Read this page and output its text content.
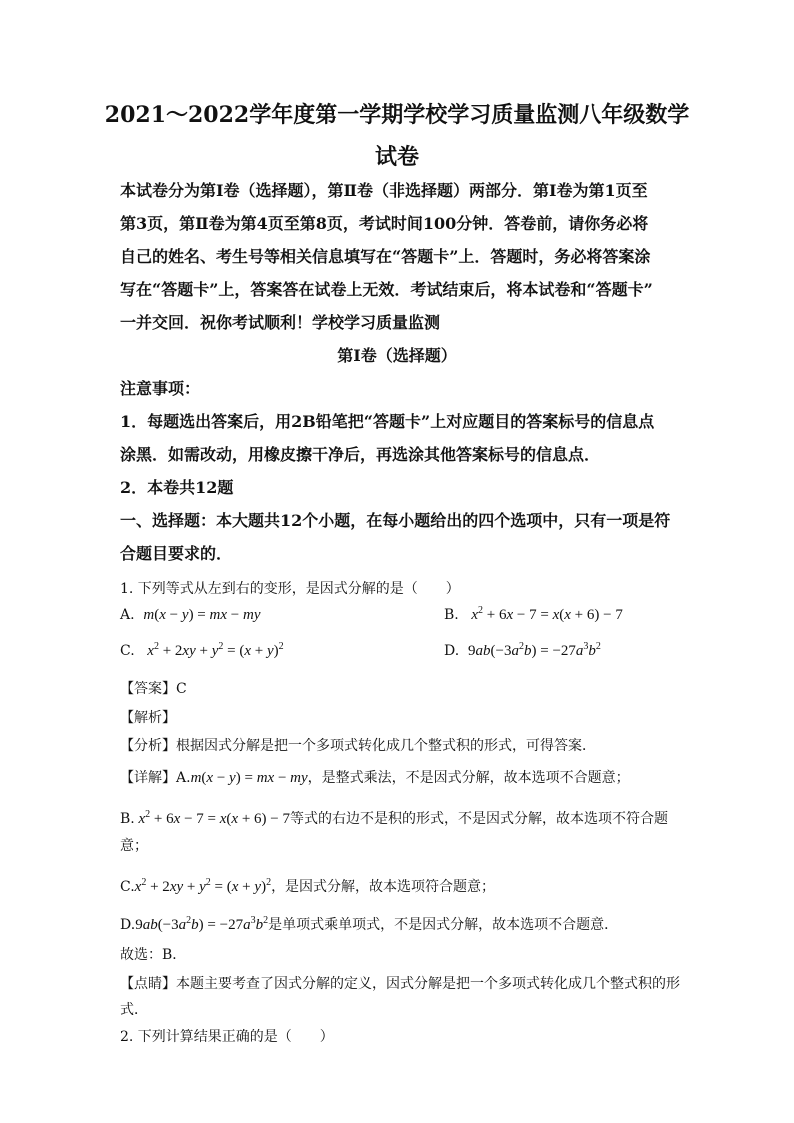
2021～2022学年度第一学期学校学习质量监测八年级数学
试卷
本试卷分为第Ⅰ卷（选择题），第Ⅱ卷（非选择题）两部分．第Ⅰ卷为第1页至
第3页，第Ⅱ卷为第4页至第8页，考试时间100分钟．答卷前，请你务必将
自己的姓名、考生号等相关信息填写在“答题卡”上．答题时，务必将答案涂
写在“答题卡”上，答案答在试卷上无效．考试结束后，将本试卷和“答题卡”
一并交回．祝你考试顺利！学校学习质量监测
第Ⅰ卷（选择题）
注意事项：
1．每题选出答案后，用2B铅笔把“答题卡”上对应题目的答案标号的信息点
涂黑．如需改动，用橡皮擦干净后，再选涂其他答案标号的信息点．
2．本卷共12题
一、选择题：本大题共12个小题，在每小题给出的四个选项中，只有一项是符
合题目要求的．
1. 下列等式从左到右的变形，是因式分解的是（　　）
A.  m(x − y) = mx − my	B.   $x^2 + 6x - 7 = x(x + 6) - 7$
C.   $x^2 + 2xy + y^2 = (x + y)^2$	D. $9ab(-3a^2b) = -27a^3b^2$
【答案】C
【解析】
【分析】根据因式分解是把一个多项式转化成几个整式积的形式，可得答案．
【详解】A.m(x − y) = mx − my，是整式乘法，不是因式分解，故本选项不合题意；
B. $x^2 + 6x - 7 = x(x + 6) - 7$等式的右边不是积的形式，不是因式分解，故本选项不符合题
意；
$C.x^2 + 2xy + y^2 = (x + y)^2$，是因式分解，故本选项符合题意；
$D.9ab(-3a^2b) = -27a^3b^2$是单项式乘单项式，不是因式分解，故本选项不合题意．
故选：B．
【点睛】本题主要考查了因式分解的定义，因式分解是把一个多项式转化成几个整式积的形
式．
2. 下列计算结果正确的是（　　）
